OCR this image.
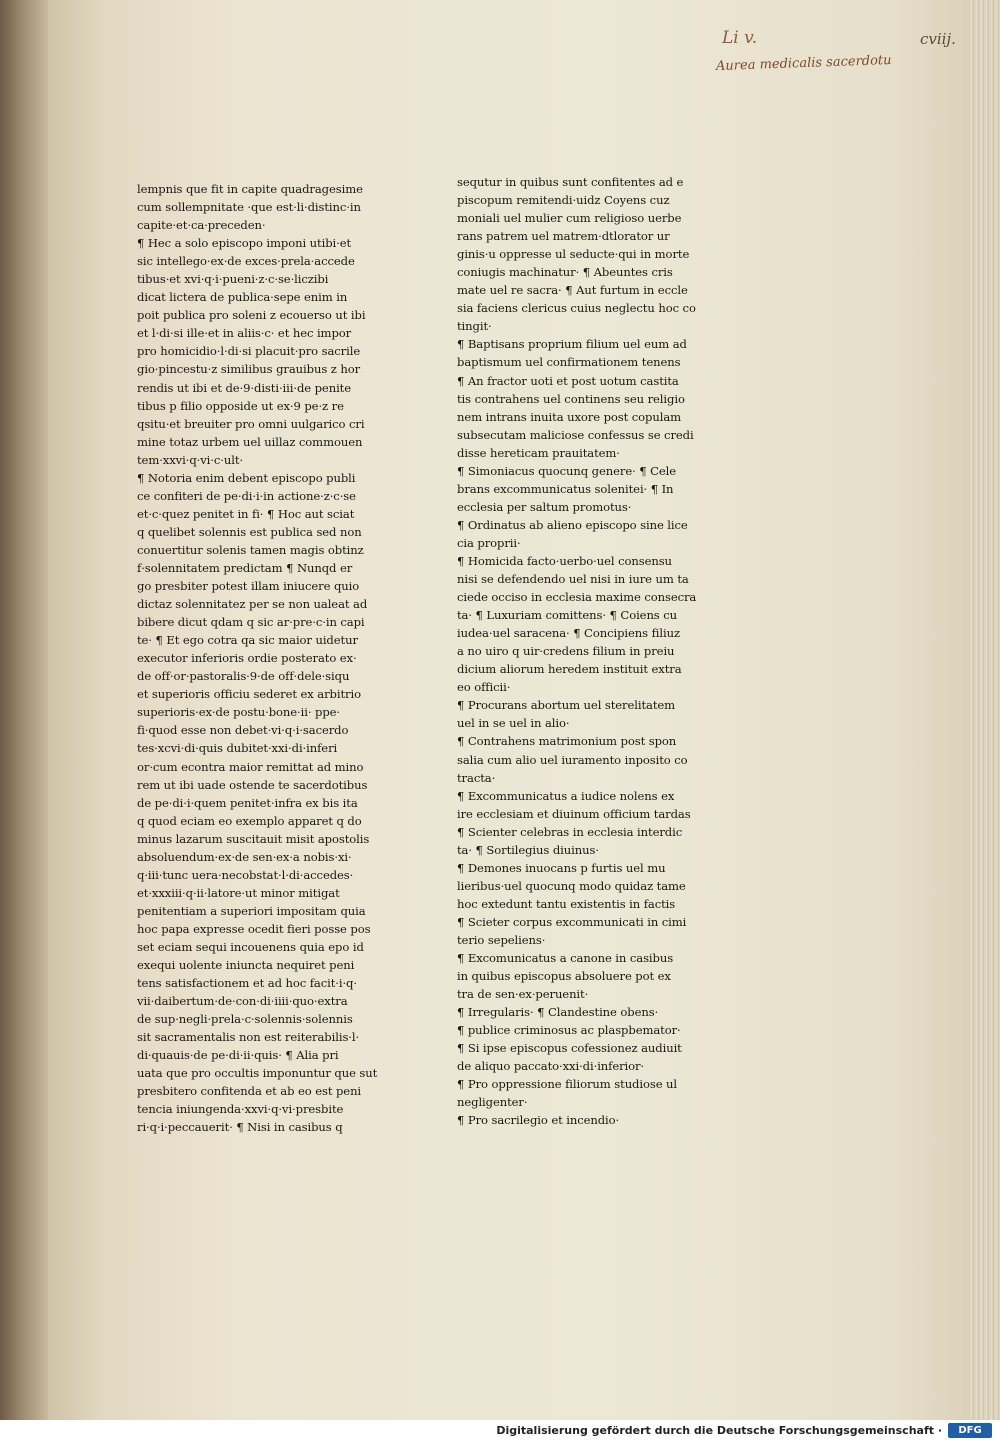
Li v.	cviij.
Aurea medicalis sacerdotu
lempnis que fit in capite quadragesime
cum sollempnitate ·que est·li·distinc·in
capite·et·ca·preceden·
¶ Hec a solo episcopo imponi utibi·et
sic intellego·ex·de exces·prela·accede
tibus·et xvi·q·i·pueni·z·c·se·liczibi
dicat lictera de publica·sepe enim in
poit publica pro soleni z ecouerso ut ibi
et l·di·si ille·et in aliis·c· et hec impor
pro homicidio·l·di·si placuit·pro sacrile
gio·pincestu·z similibus grauibus z hor
rendis ut ibi et de·9·disti·iii·de penite
tibus p filio opposide ut ex·9 pe·z re
qsitu·et breuiter pro omni uulgarico cri
mine totaz urbem uel uillaz commouen
tem·xxvi·q·vi·c·ult·
¶ Notoria enim debent episcopo publi
ce confiteri de pe·di·i·in actione·z·c·se
et·c·quez penitet in fi· ¶ Hoc aut sciat
q quelibet solennis est publica sed non
conuertitur solenis tamen magis obtinz
f·solennitatem predictam ¶ Nunqd er
go presbiter potest illam iniucere quio
dictaz solennitatez per se non ualeat ad
bibere dicut qdam q sic ar·pre·c·in capi
te· ¶ Et ego cotra qa sic maior uidetur
executor inferioris ordie posterato ex·
de off·or·pastoralis·9·de off·dele·siqu
et superioris officiu sederet ex arbitrio
superioris·ex·de postu·bone·ii· ppe·
fi·quod esse non debet·vi·q·i·sacerdo
tes·xcvi·di·quis dubitet·xxi·di·inferi
or·cum econtra maior remittat ad mino
rem ut ibi uade ostende te sacerdotibus
de pe·di·i·quem penitet·infra ex bis ita
q quod eciam eo exemplo apparet q do
minus lazarum suscitauit misit apostolis
absoluendum·ex·de sen·ex·a nobis·xi·
q·iii·tunc uera·necobstat·l·di·accedes·
et·xxxiii·q·ii·latore·ut minor mitigat
penitentiam a superiori impositam quia
hoc papa expresse ocedit fieri posse pos
set eciam sequi incouenens quia epo id
exequi uolente iniuncta nequiret peni
tens satisfactionem et ad hoc facit·i·q·
vii·daibertum·de·con·di·iiii·quo·extra
de sup·negli·prela·c·solennis·solennis
sit sacramentalis non est reiterabilis·l·
di·quauis·de pe·di·ii·quis· ¶ Alia pri
uata que pro occultis imponuntur que sut
presbitero confitenda et ab eo est peni
tencia iniungenda·xxvi·q·vi·presbite
ri·q·i·peccauerit· ¶ Nisi in casibus q
sequtur in quibus sunt confitentes ad e
piscopum remitendi·uidz Coyens cuz
moniali uel mulier cum religioso uerbe
rans patrem uel matrem·dtlorator ur
ginis·u oppresse ul seducte·qui in morte
coniugis machinatur· ¶ Abeuntes cris
mate uel re sacra· ¶ Aut furtum in eccle
sia faciens clericus cuius neglectu hoc co
tingit·
¶ Baptisans proprium filium uel eum ad
baptismum uel confirmationem tenens
¶ An fractor uoti et post uotum castita
tis contrahens uel continens seu religio
nem intrans inuita uxore post copulam
subsecutam maliciose confessus se credi
disse hereticam prauitatem·
¶ Simoniacus quocunq genere· ¶ Cele
brans excommunicatus solenitei· ¶ In
ecclesia per saltum promotus·
¶ Ordinatus ab alieno episcopo sine lice
cia proprii·
¶ Homicida facto·uerbo·uel consensu
nisi se defendendo uel nisi in iure um ta
ciede occiso in ecclesia maxime consecra
ta· ¶ Luxuriam comittens· ¶ Coiens cu
iudea·uel saracena· ¶ Concipiens filiuz
a no uiro q uir·credens filium in preiu
dicium aliorum heredem instituit extra
eo officii·
¶ Procurans abortum uel sterelitatem
uel in se uel in alio·
¶ Contrahens matrimonium post spon
salia cum alio uel iuramento inposito co
tracta·
¶ Excommunicatus a iudice nolens ex
ire ecclesiam et diuinum officium tardas
¶ Scienter celebras in ecclesia interdic
ta· ¶ Sortilegius diuinus·
¶ Demones inuocans p furtis uel mu
lieribus·uel quocunq modo quidaz tame
hoc extedunt tantu existentis in factis
¶ Scieter corpus excommunicati in cimi
terio sepeliens·
¶ Excomunicatus a canone in casibus
in quibus episcopus absoluere pot ex
tra de sen·ex·peruenit·
¶ Irregularis· ¶ Clandestine obens·
¶ publice criminosus ac plaspbemator·
¶ Si ipse episcopus cofessionez audiuit
de aliquo paccato·xxi·di·inferior·
¶ Pro oppressione filiorum studiose ul
negligenter·
¶ Pro sacrilegio et incendio·
Digitalisierung gefördert durch die Deutsche Forschungsgemeinschaft ·	DFG
